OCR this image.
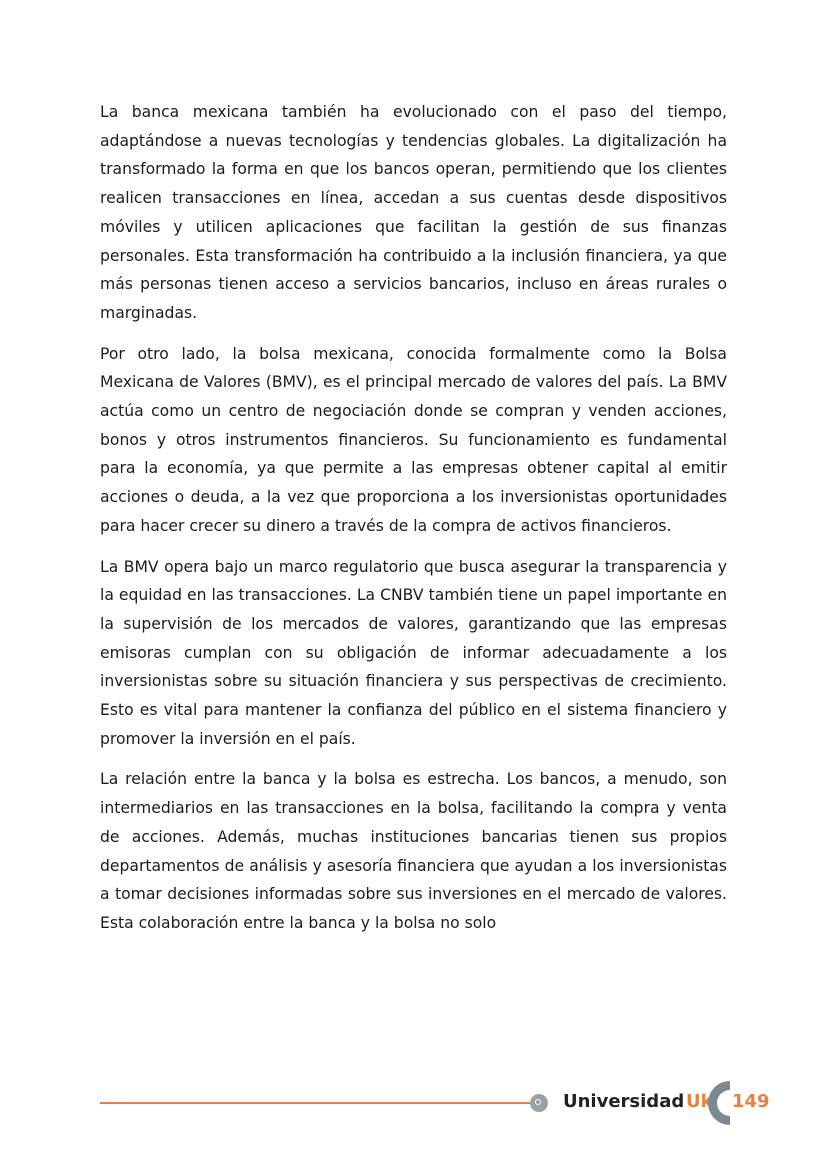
La banca mexicana también ha evolucionado con el paso del tiempo, adaptándose a nuevas tecnologías y tendencias globales. La digitalización ha transformado la forma en que los bancos operan, permitiendo que los clientes realicen transacciones en línea, accedan a sus cuentas desde dispositivos móviles y utilicen aplicaciones que facilitan la gestión de sus finanzas personales. Esta transformación ha contribuido a la inclusión financiera, ya que más personas tienen acceso a servicios bancarios, incluso en áreas rurales o marginadas.

Por otro lado, la bolsa mexicana, conocida formalmente como la Bolsa Mexicana de Valores (BMV), es el principal mercado de valores del país. La BMV actúa como un centro de negociación donde se compran y venden acciones, bonos y otros instrumentos financieros. Su funcionamiento es fundamental para la economía, ya que permite a las empresas obtener capital al emitir acciones o deuda, a la vez que proporciona a los inversionistas oportunidades para hacer crecer su dinero a través de la compra de activos financieros.

La BMV opera bajo un marco regulatorio que busca asegurar la transparencia y la equidad en las transacciones. La CNBV también tiene un papel importante en la supervisión de los mercados de valores, garantizando que las empresas emisoras cumplan con su obligación de informar adecuadamente a los inversionistas sobre su situación financiera y sus perspectivas de crecimiento. Esto es vital para mantener la confianza del público en el sistema financiero y promover la inversión en el país.

La relación entre la banca y la bolsa es estrecha. Los bancos, a menudo, son intermediarios en las transacciones en la bolsa, facilitando la compra y venta de acciones. Además, muchas instituciones bancarias tienen sus propios departamentos de análisis y asesoría financiera que ayudan a los inversionistas a tomar decisiones informadas sobre sus inversiones en el mercado de valores. Esta colaboración entre la banca y la bolsa no solo

Universidad Uk 149
